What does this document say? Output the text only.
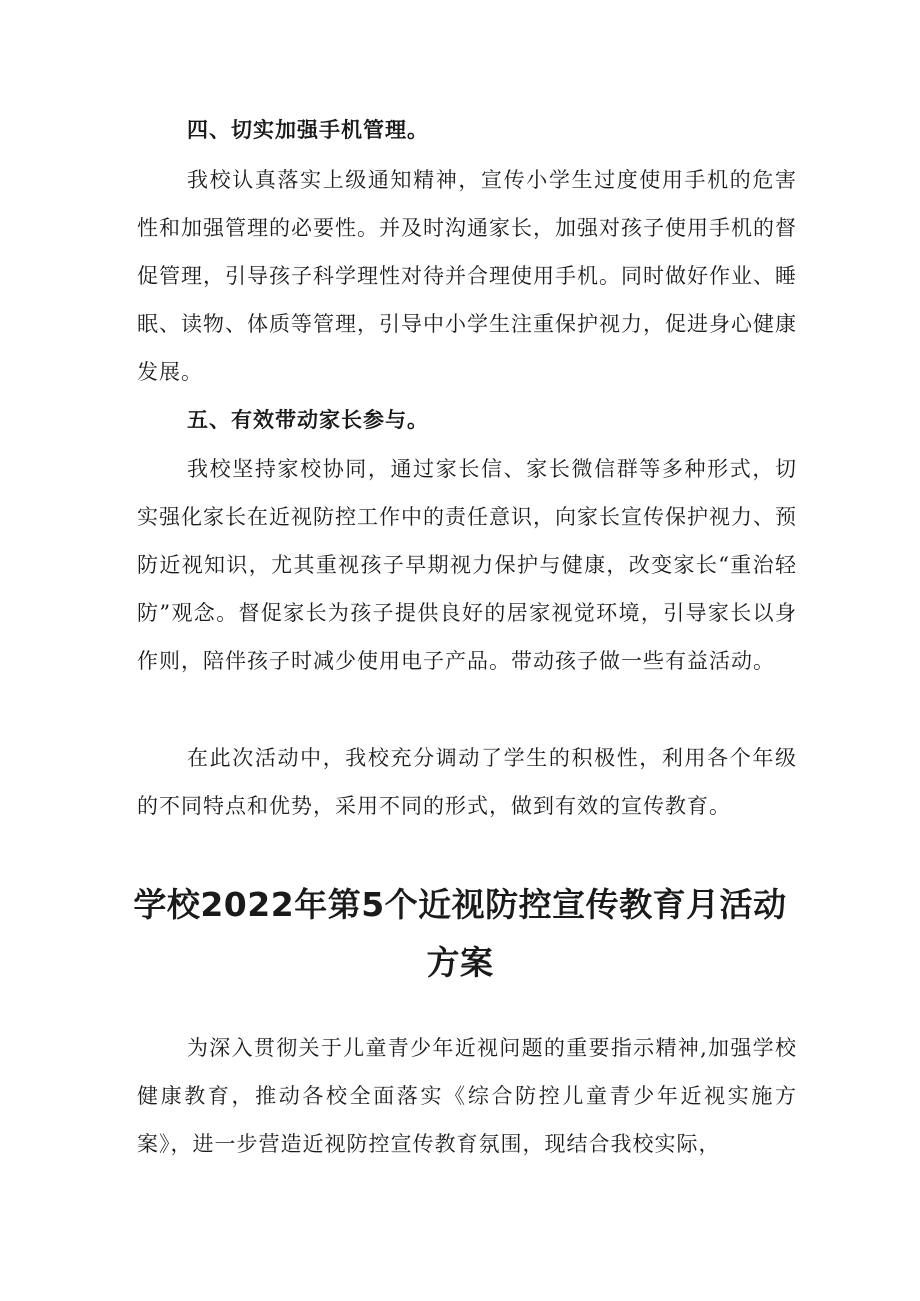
四、切实加强手机管理。

我校认真落实上级通知精神，宣传小学生过度使用手机的危害性和加强管理的必要性。并及时沟通家长，加强对孩子使用手机的督促管理，引导孩子科学理性对待并合理使用手机。同时做好作业、睡眠、读物、体质等管理，引导中小学生注重保护视力，促进身心健康发展。

五、有效带动家长参与。

我校坚持家校协同，通过家长信、家长微信群等多种形式，切实强化家长在近视防控工作中的责任意识，向家长宣传保护视力、预防近视知识，尤其重视孩子早期视力保护与健康，改变家长“重治轻防”观念。督促家长为孩子提供良好的居家视觉环境，引导家长以身作则，陪伴孩子时减少使用电子产品。带动孩子做一些有益活动。

在此次活动中，我校充分调动了学生的积极性，利用各个年级的不同特点和优势，采用不同的形式，做到有效的宣传教育。

学校2022年第5个近视防控宣传教育月活动方案

为深入贯彻关于儿童青少年近视问题的重要指示精神,加强学校健康教育，推动各校全面落实《综合防控儿童青少年近视实施方案》，进一步营造近视防控宣传教育氛围，现结合我校实际，
